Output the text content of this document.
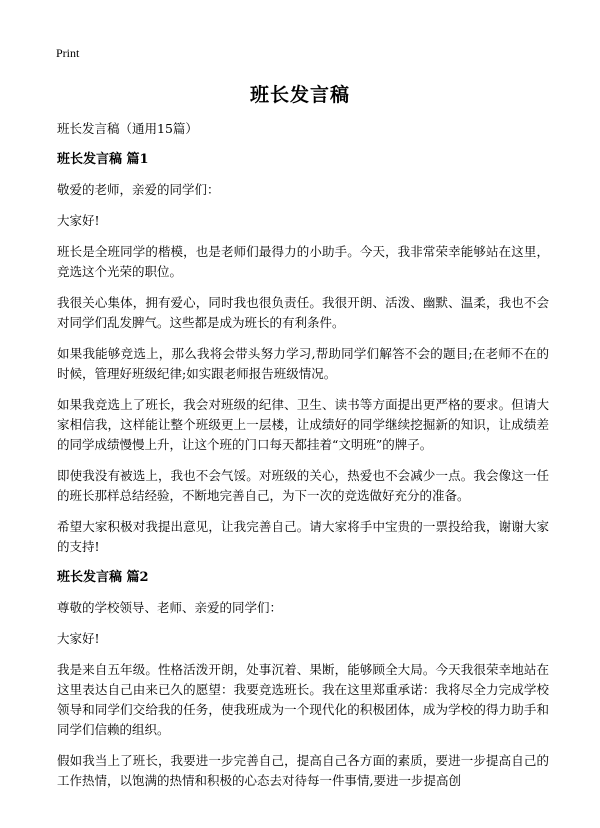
Print
班长发言稿
班长发言稿（通用15篇）
班长发言稿 篇1
敬爱的老师，亲爱的同学们：
大家好!
班长是全班同学的楷模，也是老师们最得力的小助手。今天，我非常荣幸能够站在这里，竞选这个光荣的职位。
我很关心集体，拥有爱心，同时我也很负责任。我很开朗、活泼、幽默、温柔，我也不会对同学们乱发脾气。这些都是成为班长的有利条件。
如果我能够竞选上，那么我将会带头努力学习,帮助同学们解答不会的题目;在老师不在的时候，管理好班级纪律;如实跟老师报告班级情况。
如果我竞选上了班长，我会对班级的纪律、卫生、读书等方面提出更严格的要求。但请大家相信我，这样能让整个班级更上一层楼，让成绩好的同学继续挖掘新的知识，让成绩差的同学成绩慢慢上升，让这个班的门口每天都挂着“文明班”的牌子。
即使我没有被选上，我也不会气馁。对班级的关心，热爱也不会减少一点。我会像这一任的班长那样总结经验，不断地完善自己，为下一次的竞选做好充分的准备。
希望大家积极对我提出意见，让我完善自己。请大家将手中宝贵的一票投给我，谢谢大家的支持!
班长发言稿 篇2
尊敬的学校领导、老师、亲爱的同学们：
大家好!
我是来自五年级。性格活泼开朗，处事沉着、果断，能够顾全大局。今天我很荣幸地站在这里表达自己由来已久的愿望：我要竞选班长。我在这里郑重承诺：我将尽全力完成学校领导和同学们交给我的任务，使我班成为一个现代化的积极团体，成为学校的得力助手和同学们信赖的组织。
假如我当上了班长，我要进一步完善自己，提高自己各方面的素质，要进一步提高自己的工作热情，以饱满的热情和积极的心态去对待每一件事情,要进一步提高创
